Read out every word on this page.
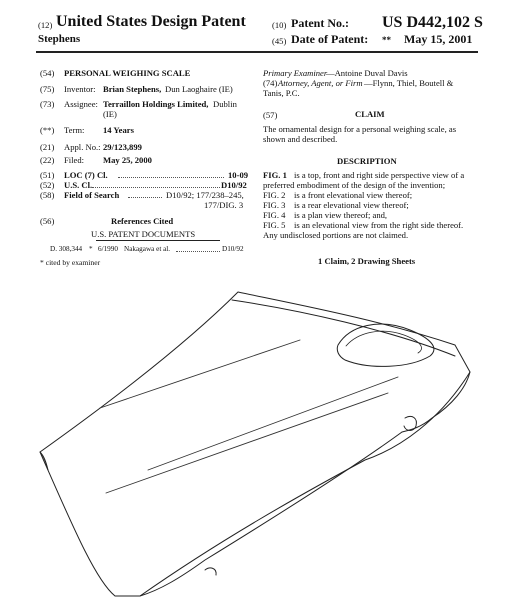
(12) United States Design Patent
Stephens
(10) Patent No.: US D442,102 S
(45) Date of Patent: ** May 15, 2001
(54) PERSONAL WEIGHING SCALE
(75) Inventor: Brian Stephens, Dun Laoghaire (IE)
(73) Assignee: Terraillon Holdings Limited, Dublin
(IE)
(**) Term: 14 Years
(21) Appl. No.: 29/123,899
(22) Filed: May 25, 2000
(51) LOC (7) Cl.	10-09
(52) U.S. Cl.	D10/92
(58) Field of Search	D10/92; 177/238–245,
177/DIG. 3
(56)	References Cited
U.S. PATENT DOCUMENTS
D. 308,344 * 6/1990 Nakagawa et al.	D10/92
* cited by examiner
Primary Examiner
—Antoine Duval Davis
(74) Attorney, Agent, or Firm —Flynn, Thiel, Boutell &
Tanis, P.C.
(57)	CLAIM
The ornamental design for a personal weighing scale, as
shown and described.
DESCRIPTION
FIG. 1 is a top, front and right side perspective view of a
preferred embodiment of the design of the invention;
FIG. 2 is a front elevational view thereof;
FIG. 3 is a rear elevational view thereof;
FIG. 4 is a plan view thereof; and,
FIG. 5 is an elevational view from the right side thereof.
Any undisclosed portions are not claimed.
1 Claim, 2 Drawing Sheets
